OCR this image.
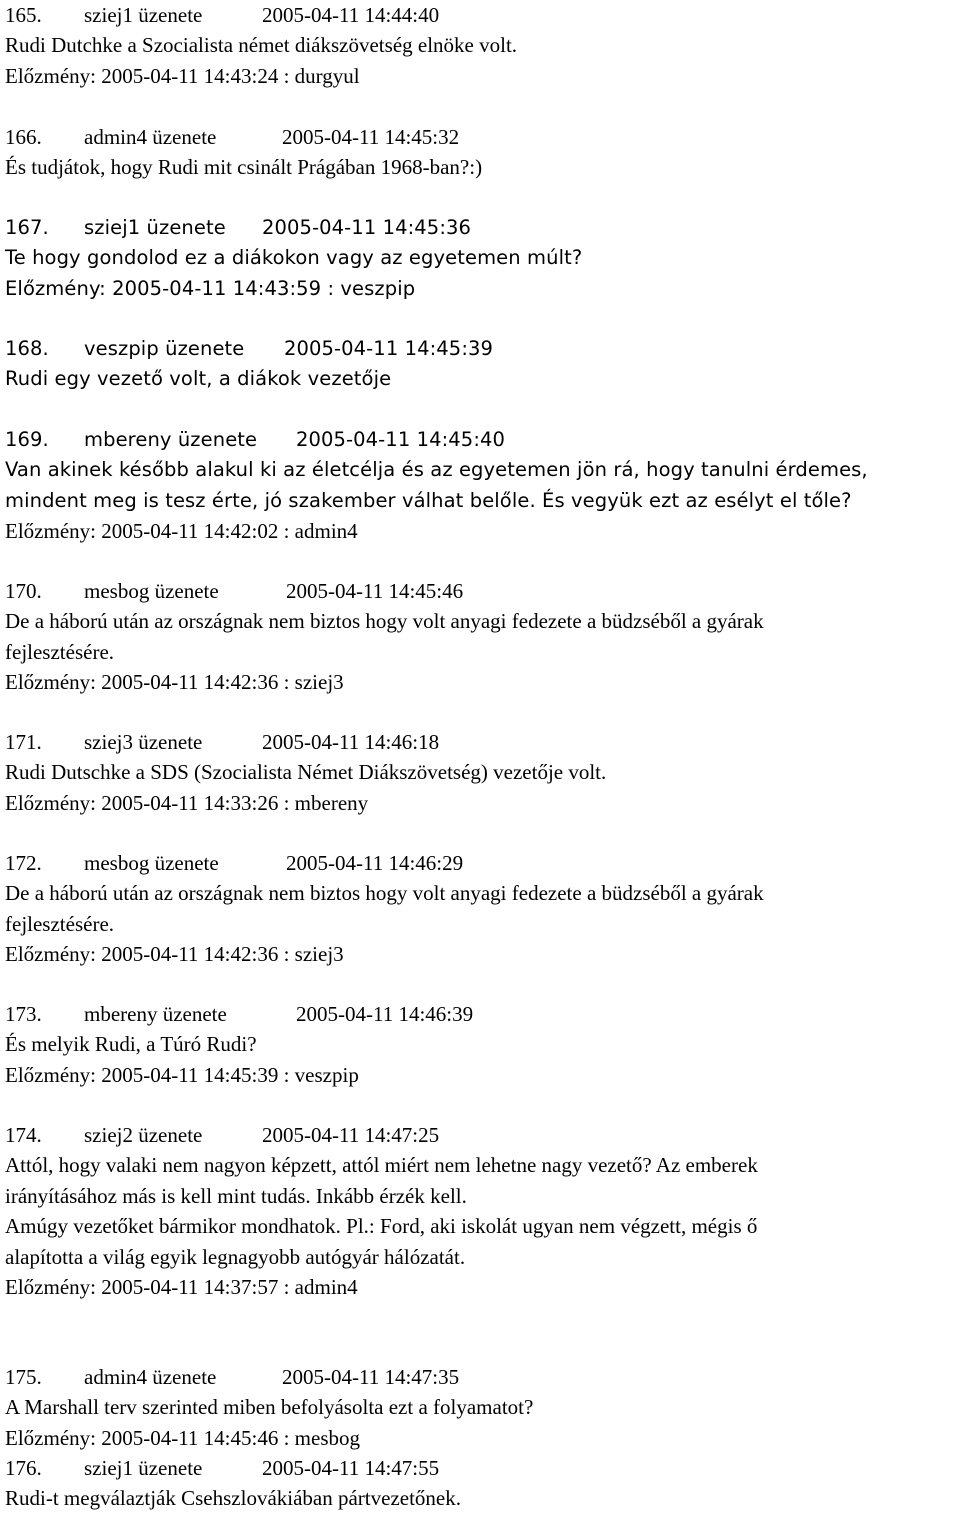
165. sziej1 üzenete	2005-04-11 14:44:40
Rudi Dutchke a Szocialista német diákszövetség elnöke volt.
Előzmény: 2005-04-11 14:43:24 : durgyul
166. admin4 üzenete	2005-04-11 14:45:32
És tudjátok, hogy Rudi mit csinált Prágában 1968-ban?:)
167. sziej1 üzenete 2005-04-11 14:45:36
Te hogy gondolod ez a diákokon vagy az egyetemen múlt?
Előzmény: 2005-04-11 14:43:59 : veszpip
168. veszpip üzenete 2005-04-11 14:45:39
Rudi egy vezető volt, a diákok vezetője
169. mbereny üzenete 2005-04-11 14:45:40
Van akinek később alakul ki az életcélja és az egyetemen jön rá, hogy tanulni érdemes,
mindent meg is tesz érte, jó szakember válhat belőle. És vegyük ezt az esélyt el tőle?
Előzmény: 2005-04-11 14:42:02 : admin4
170. mesbog üzenete	2005-04-11 14:45:46
De a háború után az országnak nem biztos hogy volt anyagi fedezete a büdzséből a gyárak
fejlesztésére.
Előzmény: 2005-04-11 14:42:36 : sziej3
171. sziej3 üzenete	2005-04-11 14:46:18
Rudi Dutschke a SDS (Szocialista Német Diákszövetség) vezetője volt.
Előzmény: 2005-04-11 14:33:26 : mbereny
172. mesbog üzenete	2005-04-11 14:46:29
De a háború után az országnak nem biztos hogy volt anyagi fedezete a büdzséből a gyárak
fejlesztésére.
Előzmény: 2005-04-11 14:42:36 : sziej3
173. mbereny üzenete	2005-04-11 14:46:39
És melyik Rudi, a Túró Rudi?
Előzmény: 2005-04-11 14:45:39 : veszpip
174. sziej2 üzenete	2005-04-11 14:47:25
Attól, hogy valaki nem nagyon képzett, attól miért nem lehetne nagy vezető? Az emberek
irányításához más is kell mint tudás. Inkább érzék kell.
Amúgy vezetőket bármikor mondhatok. Pl.: Ford, aki iskolát ugyan nem végzett, mégis ő
alapította a világ egyik legnagyobb autógyár hálózatát.
Előzmény: 2005-04-11 14:37:57 : admin4
175. admin4 üzenete	2005-04-11 14:47:35
A Marshall terv szerinted miben befolyásolta ezt a folyamatot?
Előzmény: 2005-04-11 14:45:46 : mesbog
176. sziej1 üzenete	2005-04-11 14:47:55
Rudi-t megválaztják Csehszlovákiában pártvezetőnek.
